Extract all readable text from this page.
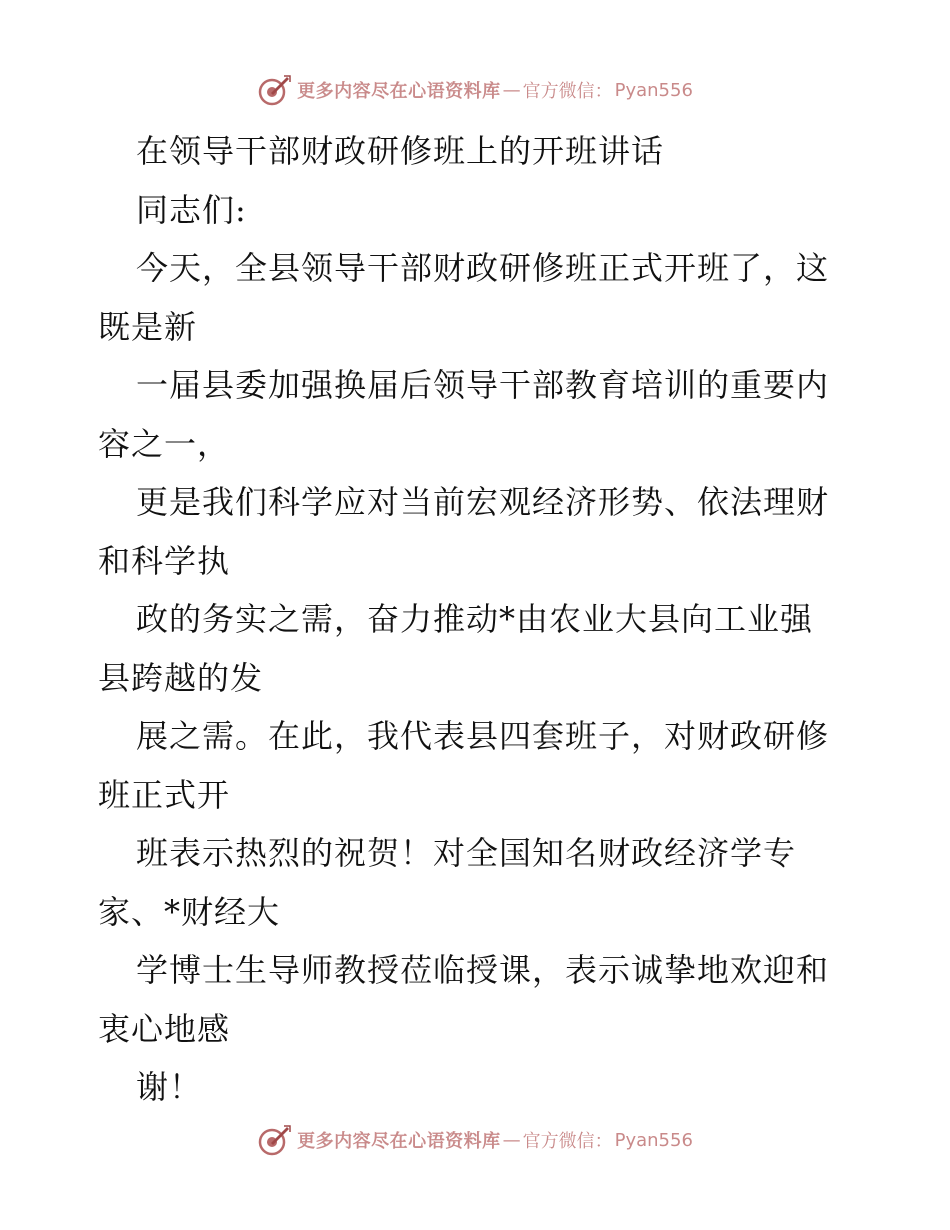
更多内容尽在心语资料库 — 官方微信： Pyan556
在领导干部财政研修班上的开班讲话
同志们:
今天，全县领导干部财政研修班正式开班了，这
既是新
一届县委加强换届后领导干部教育培训的重要内
容之一，
更是我们科学应对当前宏观经济形势、依法理财
和科学执
政的务实之需，奋力推动*由农业大县向工业强
县跨越的发
展之需。在此，我代表县四套班子，对财政研修
班正式开
班表示热烈的祝贺！对全国知名财政经济学专
家、*财经大
学博士生导师教授莅临授课，表示诚挚地欢迎和
衷心地感
谢！
更多内容尽在心语资料库 — 官方微信： Pyan556
